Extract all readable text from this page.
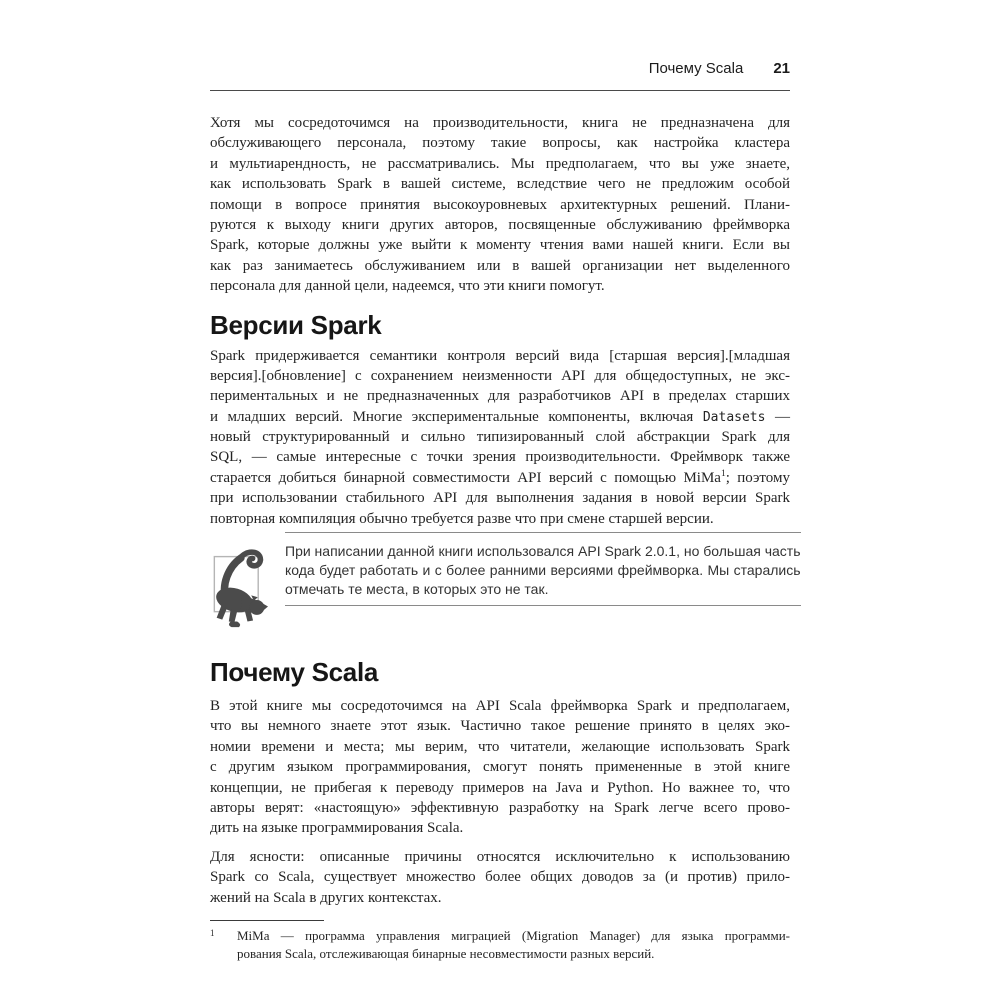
Почему Scala 21
Хотя мы сосредоточимся на производительности, книга не предназначена для
обслуживающего персонала, поэтому такие вопросы, как настройка кластера
и мультиарендность, не рассматривались. Мы предполагаем, что вы уже знаете,
как использовать Spark в вашей системе, вследствие чего не предложим особой
помощи в вопросе принятия высокоуровневых архитектурных решений. Плани-
руются к выходу книги других авторов, посвященные обслуживанию фреймворка
Spark, которые должны уже выйти к моменту чтения вами нашей книги. Если вы
как раз занимаетесь обслуживанием или в вашей организации нет выделенного
персонала для данной цели, надеемся, что эти книги помогут.
Версии Spark
Spark придерживается семантики контроля версий вида [старшая версия].[младшая
версия].[обновление] с сохранением неизменности API для общедоступных, не экс-
периментальных и не предназначенных для разработчиков API в пределах старших
и младших версий. Многие экспериментальные компоненты, включая Datasets —
новый структурированный и сильно типизированный слой абстракции Spark для
SQL, — самые интересные с точки зрения производительности. Фреймворк также
старается добиться бинарной совместимости API версий с помощью MiMa$^1$; поэтому
при использовании стабильного API для выполнения задания в новой версии Spark
повторная компиляция обычно требуется разве что при смене старшей версии.
При написании данной книги использовался API Spark 2.0.1, но большая часть
кода будет работать и с более ранними версиями фреймворка. Мы старались
отмечать те места, в которых это не так.
Почему Scala
В этой книге мы сосредоточимся на API Scala фреймворка Spark и предполагаем,
что вы немного знаете этот язык. Частично такое решение принято в целях эко-
номии времени и места; мы верим, что читатели, желающие использовать Spark
с другим языком программирования, смогут понять примененные в этой книге
концепции, не прибегая к переводу примеров на Java и Python. Но важнее то, что
авторы верят: «настоящую» эффективную разработку на Spark легче всего прово-
дить на языке программирования Scala.
Для ясности: описанные причины относятся исключительно к использованию
Spark со Scala, существует множество более общих доводов за (и против) прило-
жений на Scala в других контекстах.
1	MiMa — программа управления миграцией (Migration Manager) для языка программи-
рования Scala, отслеживающая бинарные несовместимости разных версий.
